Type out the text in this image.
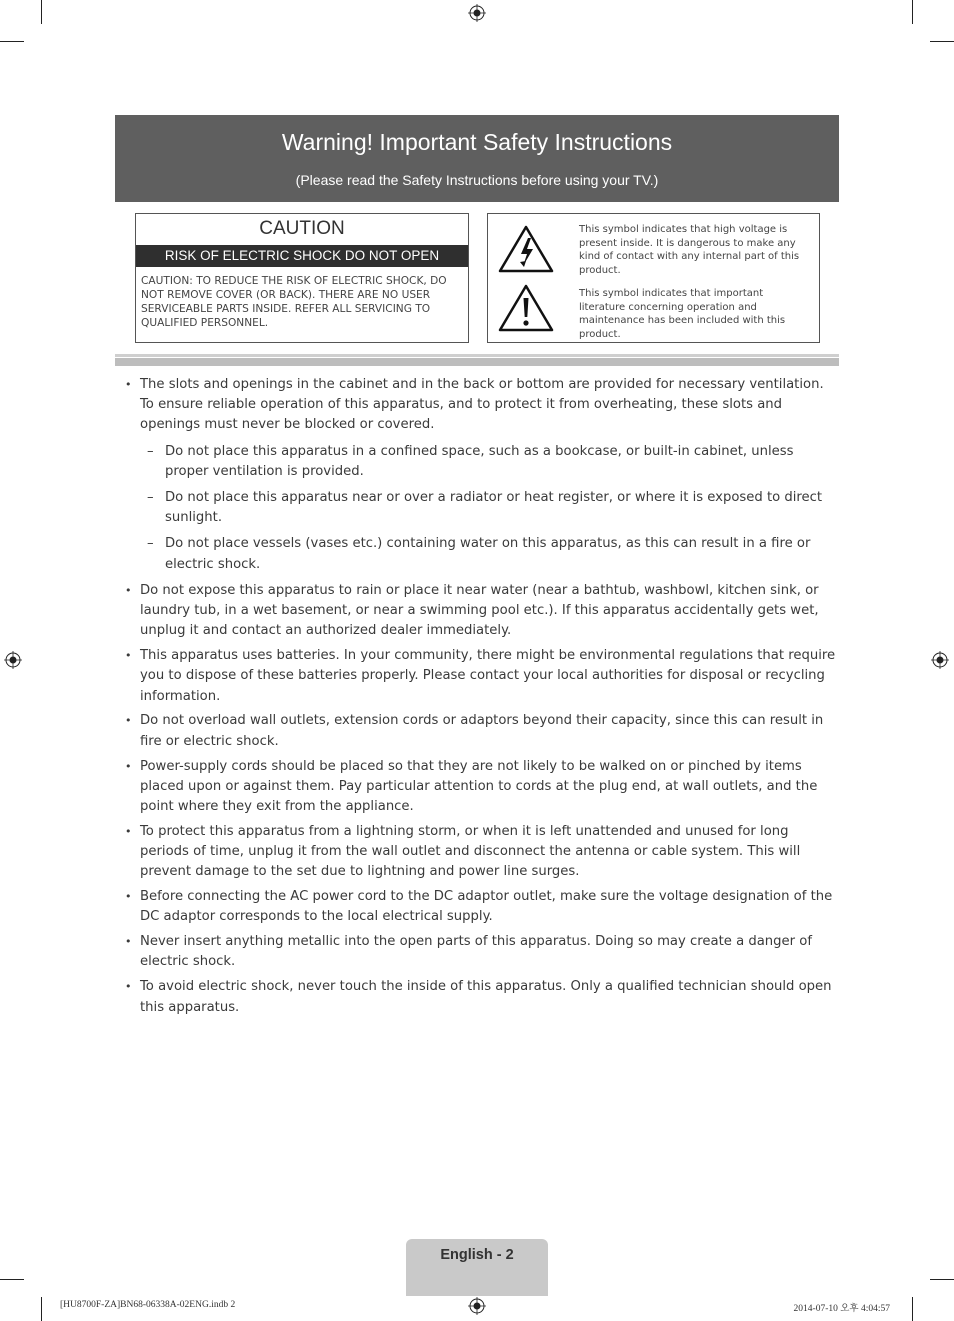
Warning! Important Safety Instructions
(Please read the Safety Instructions before using your TV.)
CAUTION
RISK OF ELECTRIC SHOCK DO NOT OPEN
CAUTION: TO REDUCE THE RISK OF ELECTRIC SHOCK, DO NOT REMOVE COVER (OR BACK). THERE ARE NO USER SERVICEABLE PARTS INSIDE. REFER ALL SERVICING TO QUALIFIED PERSONNEL.
This symbol indicates that high voltage is present inside. It is dangerous to make any kind of contact with any internal part of this product.
This symbol indicates that important literature concerning operation and maintenance has been included with this product.
• The slots and openings in the cabinet and in the back or bottom are provided for necessary ventilation. To ensure reliable operation of this apparatus, and to protect it from overheating, these slots and openings must never be blocked or covered.
– Do not place this apparatus in a confined space, such as a bookcase, or built-in cabinet, unless proper ventilation is provided.
– Do not place this apparatus near or over a radiator or heat register, or where it is exposed to direct sunlight.
– Do not place vessels (vases etc.) containing water on this apparatus, as this can result in a fire or electric shock.
• Do not expose this apparatus to rain or place it near water (near a bathtub, washbowl, kitchen sink, or laundry tub, in a wet basement, or near a swimming pool etc.). If this apparatus accidentally gets wet, unplug it and contact an authorized dealer immediately.
• This apparatus uses batteries. In your community, there might be environmental regulations that require you to dispose of these batteries properly. Please contact your local authorities for disposal or recycling information.
• Do not overload wall outlets, extension cords or adaptors beyond their capacity, since this can result in fire or electric shock.
• Power-supply cords should be placed so that they are not likely to be walked on or pinched by items placed upon or against them. Pay particular attention to cords at the plug end, at wall outlets, and the point where they exit from the appliance.
• To protect this apparatus from a lightning storm, or when it is left unattended and unused for long periods of time, unplug it from the wall outlet and disconnect the antenna or cable system. This will prevent damage to the set due to lightning and power line surges.
• Before connecting the AC power cord to the DC adaptor outlet, make sure the voltage designation of the DC adaptor corresponds to the local electrical supply.
• Never insert anything metallic into the open parts of this apparatus. Doing so may create a danger of electric shock.
• To avoid electric shock, never touch the inside of this apparatus. Only a qualified technician should open this apparatus.
English - 2
[HU8700F-ZA]BN68-06338A-02ENG.indb 2	2014-07-10 오후 4:04:57
